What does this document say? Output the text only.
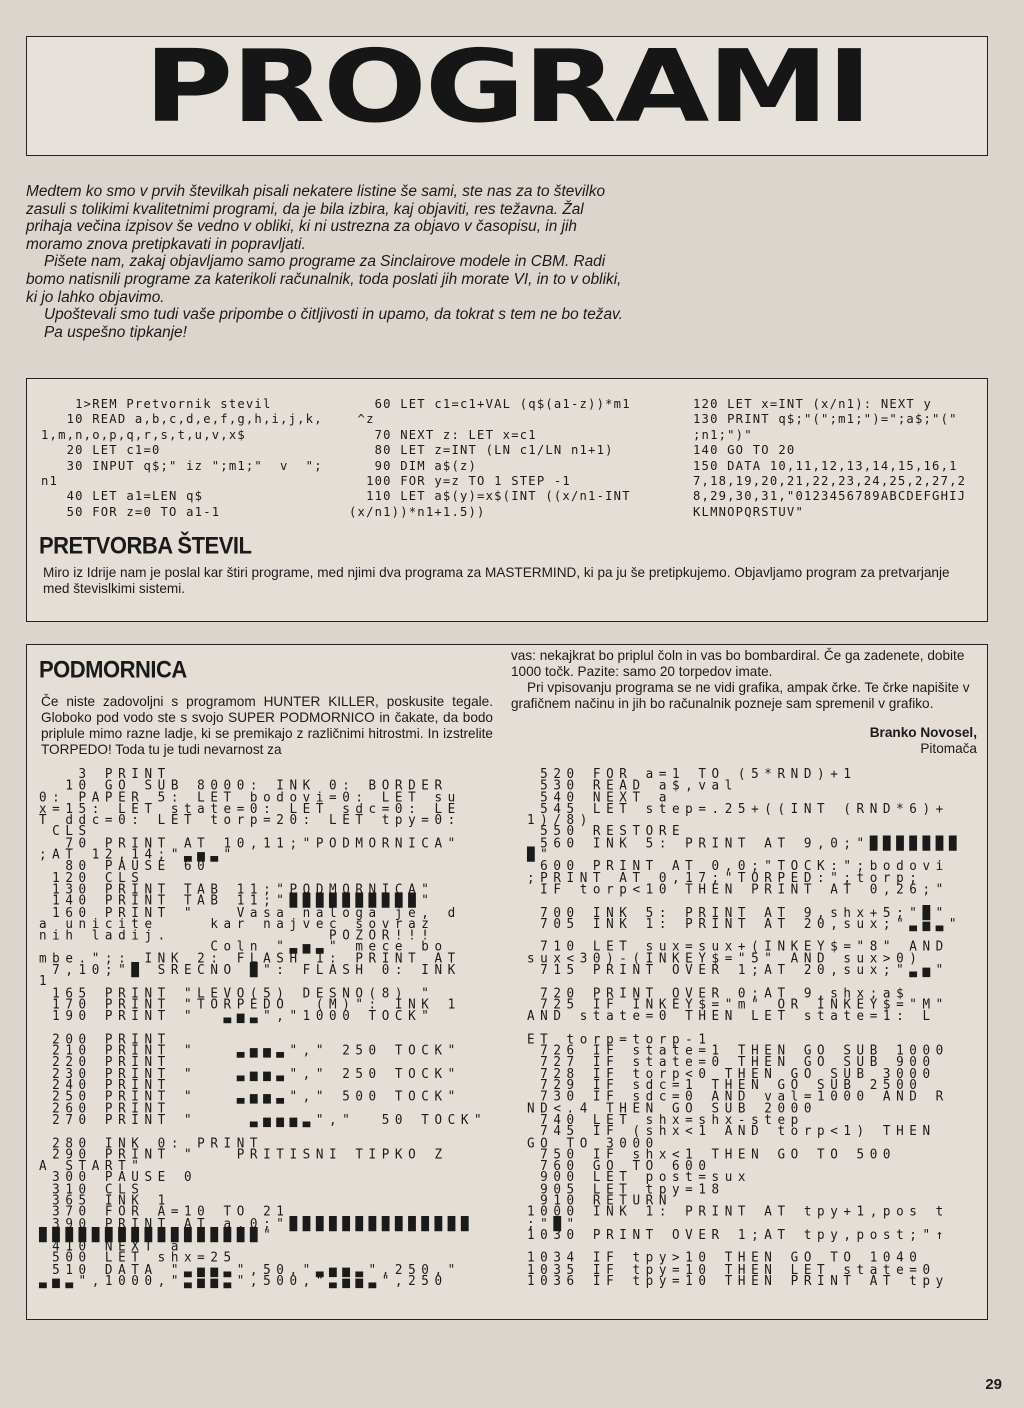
PROGRAMI

Medtem ko smo v prvih številkah pisali nekatere listine še sami, ste nas za to številko zasuli s tolikimi kvalitetnimi programi, da je bila izbira, kaj objaviti, res težavna. Žal prihaja večina izpisov še vedno v obliki, ki ni ustrezna za objavo v časopisu, in jih moramo znova pretipkavati in popravljati.

Pišete nam, zakaj objavljamo samo programe za Sinclairove modele in CBM. Radi bomo natisnili programe za katerikoli računalnik, toda poslati jih morate VI, in to v obliki, ki jo lahko objavimo.

Upoštevali smo tudi vaše pripombe o čitljivosti in upamo, da tokrat s tem ne bo težav.

Pa uspešno tipkanje!

1>REM Pretvornik stevil
10 READ a,b,c,d,e,f,g,h,i,j,k,
1,m,n,o,p,q,r,s,t,u,v,x$
20 LET c1=0
30 INPUT q$;" iz ";m1;"  v  ";
n1
40 LET a1=LEN q$
50 FOR z=0 TO a1-1
60 LET c1=c1+VAL (q$(a1-z))*m1
^z
70 NEXT z: LET x=c1
80 LET z=INT (LN c1/LN n1+1)
90 DIM a$(z)
100 FOR y=z TO 1 STEP -1
110 LET a$(y)=x$(INT ((x/n1-INT
(x/n1))*n1+1.5))
120 LET x=INT (x/n1): NEXT y
130 PRINT q$;"(";m1;")=";a$;"("
;n1;")"
140 GO TO 20
150 DATA 10,11,12,13,14,15,16,1
7,18,19,20,21,22,23,24,25,2,27,2
8,29,30,31,"0123456789ABCDEFGHIJ
KLMNOPQRSTUV"
PRETVORBA ŠTEVIL

Miro iz Idrije nam je poslal kar štiri programe, med njimi dva programa za MASTERMIND, ki pa ju še pretipkujemo. Objavljamo program za pretvarjanje med števislkimi sistemi.

PODMORNICA

Če niste zadovoljni s programom HUNTER KILLER, poskusite tegale. Globoko pod vodo ste s svojo SUPER PODMORNICO in čakate, da bodo priplule mimo razne ladje, ki se premikajo z različnimi hitrostmi. In izstrelite TORPEDO! Toda tu je tudi nevarnost za

vas: nekajkrat bo priplul čoln in vas bo bombardiral. Če ga zadenete, dobite 1000 točk. Pazite: samo 20 torpedov imate.

Pri vpisovanju programa se ne vidi grafika, ampak črke. Te črke napišite v grafičnem načinu in jih bo računalnik pozneje sam spremenil v grafiko.

Branko Novosel,
Pitomača
3 PRINT
10 GO SUB 8000: INK 0: BORDER
0: PAPER 5: LET bodovi=0: LET su
x=15: LET state=0: LET sdc=0: LE
T ddc=0: LET torp=20: LET tpy=0:
CLS
70 PRINT AT 10,11;"PODMORNICA"
;AT 12,14;"▃▅▃"
80 PAUSE 60
120 CLS
130 PRINT TAB 11;"PODMORNICA"
140 PRINT TAB 11;"██████████"
160 PRINT "   Vasa naloga je, d
a unicite    kar najvec sovraz
nih ladij.            POZOR!!!
Coln "▃▅▃" mece bo
mbe.";: INK 2: FLASH 1: PRINT AT
7,10;"█ SRECNO █": FLASH 0: INK
1
165 PRINT "LEVO(5) DESNO(8) "
170 PRINT "TORPEDO  (M)": INK 1
190 PRINT "  ▃▅▃","1000 TOCK"

200 PRINT
210 PRINT "   ▃▅▅▃"," 250 TOCK"
220 PRINT
230 PRINT "   ▃▅▅▃"," 250 TOCK"
240 PRINT
250 PRINT "   ▃▅▅▃"," 500 TOCK"
260 PRINT
270 PRINT "    ▃▅▅▅▃","  50 TOCK"

280 INK 0: PRINT
290 PRINT "   PRITISNI TIPKO Z
A START"
300 PAUSE 0
310 CLS
365 INK 1
370 FOR A=10 TO 21
390 PRINT AT a,0;"██████████████
█████████████████"
410 NEXT a
500 LET shx=25
510 DATA "▃▅▅▃",50,"▃▅▅▃",250,"
▃▅▃",1000,"▃▅▅▃",500,"▃▅▅▃",250
520 FOR a=1 TO (5*RND)+1
530 READ a$,val
540 NEXT a
545 LET step=.25+((INT (RND*6)+
1)/8)
550 RESTORE
560 INK 5: PRINT AT 9,0;"███████
█"
600 PRINT AT 0,0;"TOCK:";bodovi
;PRINT AT 0,17;"TORPED:";torp;
IF torp<10 THEN PRINT AT 0,26;"

700 INK 5: PRINT AT 9,shx+5;"█"
705 INK 1: PRINT AT 20,sux;"▃▅▃"

710 LET sux=sux+(INKEY$="8" AND
sux<30)-(INKEY$="5" AND sux>0)
715 PRINT OVER 1;AT 20,sux;"▃▅"

720 PRINT OVER 0;AT 9,shx;a$
725 IF INKEY$="m" OR INKEY$="M"
AND state=0 THEN LET state=1: L

ET torp=torp-1
726 IF state=1 THEN GO SUB 1000
727 IF state=0 THEN GO SUB 900
728 IF torp<0 THEN GO SUB 3000
729 IF sdc=1 THEN GO SUB 2500
730 IF sdc=0 AND val=1000 AND R
ND<.4 THEN GO SUB 2000
740 LET shx=shx-step
745 IF (shx<1 AND torp<1) THEN
GO TO 3000
750 IF shx<1 THEN GO TO 500
760 GO TO 600
900 LET post=sux
905 LET tpy=18
910 RETURN
1000 INK 1: PRINT AT tpy+1,pos t
;"█"
1030 PRINT OVER 1;AT tpy,post;"↑

1034 IF tpy>10 THEN GO TO 1040
1035 IF tpy=10 THEN LET state=0
1036 IF tpy=10 THEN PRINT AT tpy
29
